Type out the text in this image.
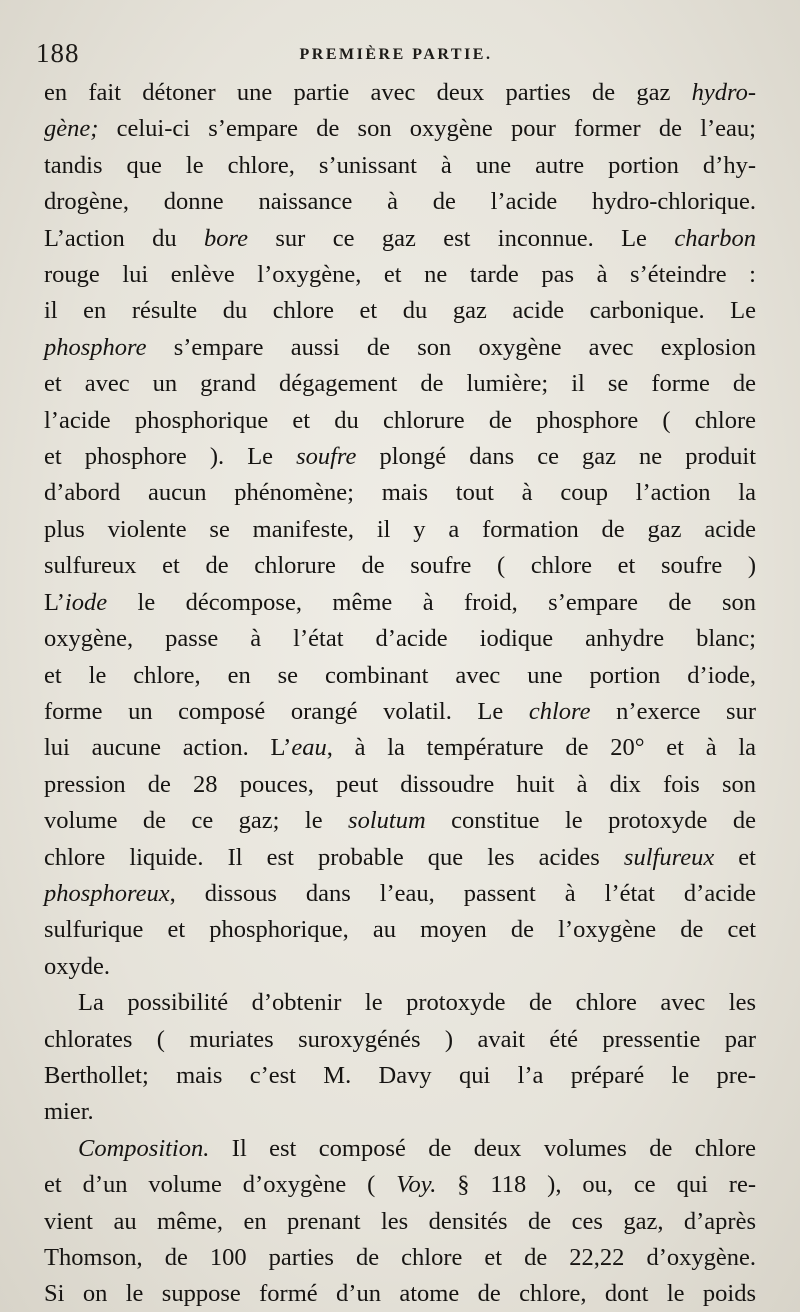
188	PREMIÈRE PARTIE.

en fait détoner une partie avec deux parties de gaz hydro-
gène; celui-ci s’empare de son oxygène pour former de l’eau;
tandis que le chlore, s’unissant à une autre portion d’hy-
drogène, donne naissance à de l’acide hydro-chlorique.
L’action du bore sur ce gaz est inconnue. Le charbon
rouge lui enlève l’oxygène, et ne tarde pas à s’éteindre :
il en résulte du chlore et du gaz acide carbonique. Le
phosphore s’empare aussi de son oxygène avec explosion
et avec un grand dégagement de lumière; il se forme de
l’acide phosphorique et du chlorure de phosphore ( chlore
et phosphore ). Le soufre plongé dans ce gaz ne produit
d’abord aucun phénomène; mais tout à coup l’action la
plus violente se manifeste, il y a formation de gaz acide
sulfureux et de chlorure de soufre ( chlore et soufre )
L’iode le décompose, même à froid, s’empare de son
oxygène, passe à l’état d’acide iodique anhydre blanc;
et le chlore, en se combinant avec une portion d’iode,
forme un composé orangé volatil. Le chlore n’exerce sur
lui aucune action. L’eau, à la température de 20° et à la
pression de 28 pouces, peut dissoudre huit à dix fois son
volume de ce gaz; le solutum constitue le protoxyde de
chlore liquide. Il est probable que les acides sulfureux et
phosphoreux, dissous dans l’eau, passent à l’état d’acide
sulfurique et phosphorique, au moyen de l’oxygène de cet
oxyde.

La possibilité d’obtenir le protoxyde de chlore avec les
chlorates ( muriates suroxygénés ) avait été pressentie par
Berthollet; mais c’est M. Davy qui l’a préparé le pre-
mier.

Composition. Il est composé de deux volumes de chlore
et d’un volume d’oxygène ( Voy. § 118 ), ou, ce qui re-
vient au même, en prenant les densités de ces gaz, d’après
Thomson, de 100 parties de chlore et de 22,22 d’oxygène.
Si on le suppose formé d’un atome de chlore, dont le poids
